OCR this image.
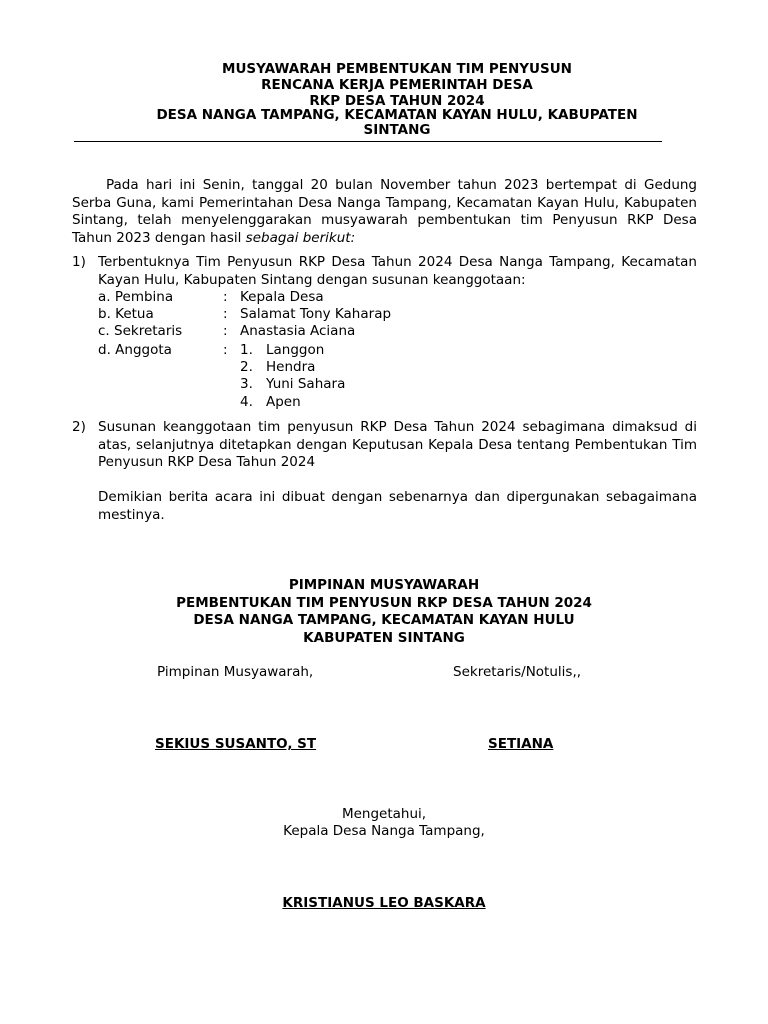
MUSYAWARAH PEMBENTUKAN TIM PENYUSUN
RENCANA KERJA PEMERINTAH DESA
RKP DESA TAHUN 2024
DESA NANGA TAMPANG, KECAMATAN KAYAN HULU, KABUPATEN
SINTANG
Pada hari ini Senin, tanggal 20 bulan November tahun 2023 bertempat di Gedung Serba Guna, kami Pemerintahan Desa Nanga Tampang, Kecamatan Kayan Hulu, Kabupaten Sintang, telah menyelenggarakan musyawarah pembentukan tim Penyusun RKP Desa Tahun 2023 dengan hasil sebagai berikut:
1) Terbentuknya Tim Penyusun RKP Desa Tahun 2024 Desa Nanga Tampang, Kecamatan Kayan Hulu, Kabupaten Sintang dengan susunan keanggotaan:
a. Pembina	: Kepala Desa
b. Ketua	: Salamat Tony Kaharap
c. Sekretaris	: Anastasia Aciana
d. Anggota	: 1. Langgon
2. Hendra
3. Yuni Sahara
4. Apen
2) Susunan keanggotaan tim penyusun RKP Desa Tahun 2024 sebagimana dimaksud di atas, selanjutnya ditetapkan dengan Keputusan Kepala Desa tentang Pembentukan Tim Penyusun RKP Desa Tahun 2024
Demikian berita acara ini dibuat dengan sebenarnya dan dipergunakan sebagaimana mestinya.
PIMPINAN MUSYAWARAH
PEMBENTUKAN TIM PENYUSUN RKP DESA TAHUN 2024
DESA NANGA TAMPANG, KECAMATAN KAYAN HULU
KABUPATEN SINTANG
Pimpinan Musyawarah,	Sekretaris/Notulis,,
SEKIUS SUSANTO, ST	SETIANA
Mengetahui,
Kepala Desa Nanga Tampang,
KRISTIANUS LEO BASKARA
